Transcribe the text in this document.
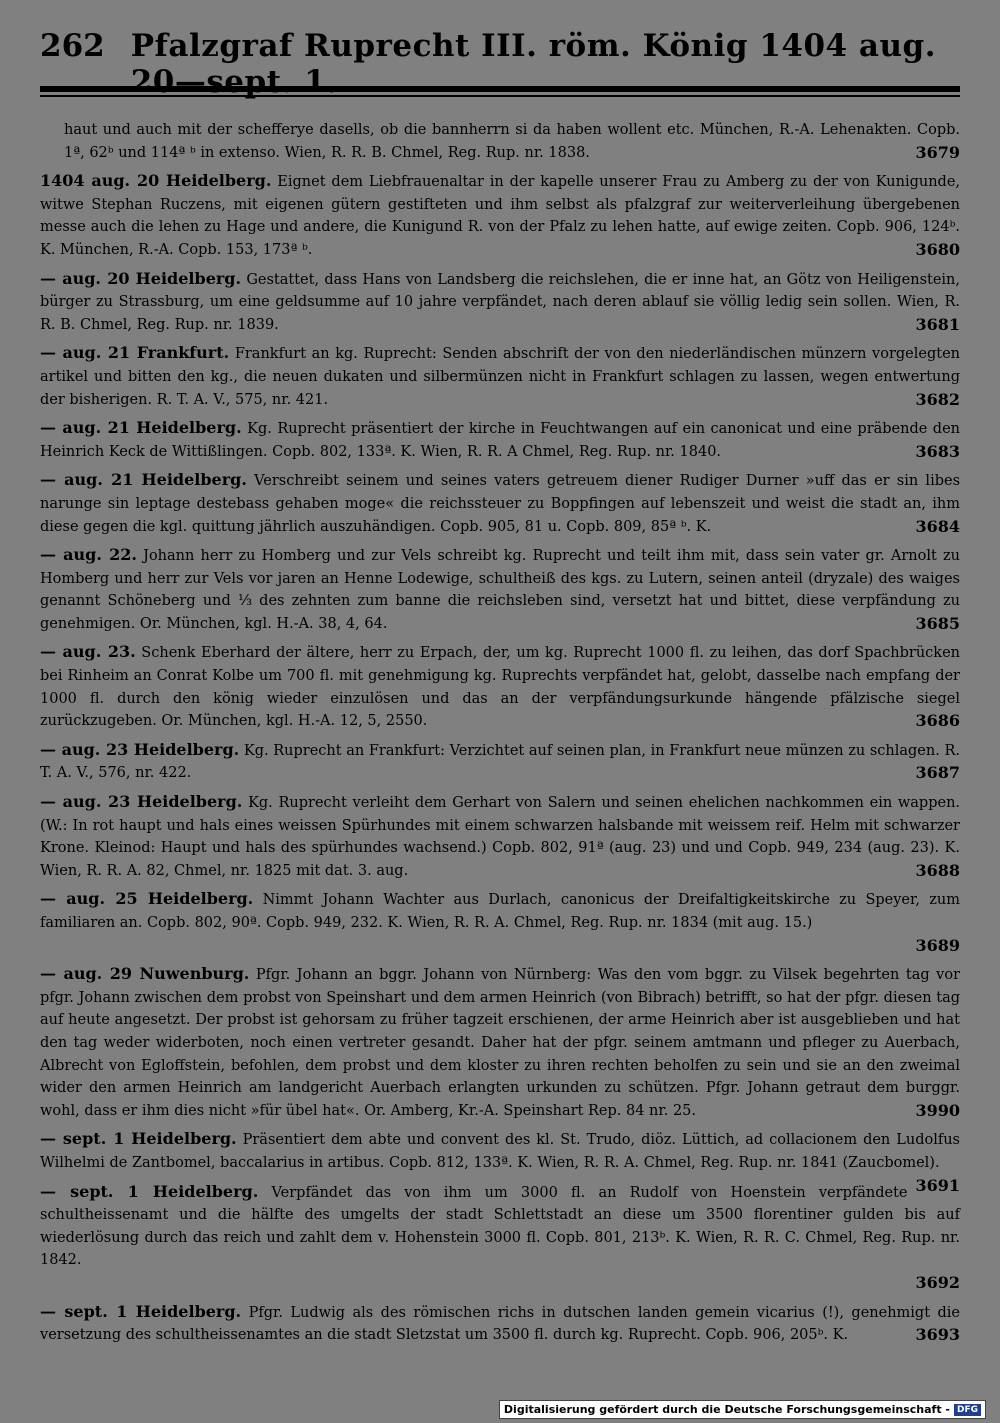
262 Pfalzgraf Ruprecht III. röm. König 1404 aug. 20—sept. 1.
haut und auch mit der schefferye dasells, ob die bannherrn si da haben wollent etc. München, R.-A. Lehenakten. Copb. 1ª, 62ᵇ und 114ª ᵇ in extenso. Wien, R. R. B. Chmel, Reg. Rup. nr. 1838.	3679
1404 aug. 20 Heidelberg. Eignet dem Liebfrauenaltar in der kapelle unserer Frau zu Amberg zu der von Kunigunde, witwe Stephan Ruczens, mit eigenen gütern gestifteten und ihm selbst als pfalzgraf zur weiterverleihung übergebenen messe auch die lehen zu Hage und andere, die Kunigund R. von der Pfalz zu lehen hatte, auf ewige zeiten. Copb. 906, 124ᵇ. K. München, R.-A. Copb. 153, 173ª ᵇ.	3680
— aug. 20 Heidelberg. Gestattet, dass Hans von Landsberg die reichslehen, die er inne hat, an Götz von Heiligenstein, bürger zu Strassburg, um eine geldsumme auf 10 jahre verpfändet, nach deren ablauf sie völlig ledig sein sollen. Wien, R. R. B. Chmel, Reg. Rup. nr. 1839.	3681
— aug. 21 Frankfurt. Frankfurt an kg. Ruprecht: Senden abschrift der von den niederländischen münzern vorgelegten artikel und bitten den kg., die neuen dukaten und silbermünzen nicht in Frankfurt schlagen zu lassen, wegen entwertung der bisherigen. R. T. A. V., 575, nr. 421.	3682
— aug. 21 Heidelberg. Kg. Ruprecht präsentiert der kirche in Feuchtwangen auf ein canonicat und eine präbende den Heinrich Keck de Wittißlingen. Copb. 802, 133ª. K. Wien, R. R. A Chmel, Reg. Rup. nr. 1840.	3683
— aug. 21 Heidelberg. Verschreibt seinem und seines vaters getreuem diener Rudiger Durner »uff das er sin libes narunge sin leptage destebass gehaben moge« die reichssteuer zu Boppfingen auf lebenszeit und weist die stadt an, ihm diese gegen die kgl. quittung jährlich auszuhändigen. Copb. 905, 81 u. Copb. 809, 85ª ᵇ. K.	3684
— aug. 22. Johann herr zu Homberg und zur Vels schreibt kg. Ruprecht und teilt ihm mit, dass sein vater gr. Arnolt zu Homberg und herr zur Vels vor jaren an Henne Lodewige, schultheiß des kgs. zu Lutern, seinen anteil (dryzale) des waiges genannt Schöneberg und ⅓ des zehnten zum banne die reichsleben sind, versetzt hat und bittet, diese verpfändung zu genehmigen. Or. München, kgl. H.-A. 38, 4, 64.	3685
— aug. 23. Schenk Eberhard der ältere, herr zu Erpach, der, um kg. Ruprecht 1000 fl. zu leihen, das dorf Spachbrücken bei Rinheim an Conrat Kolbe um 700 fl. mit genehmigung kg. Ruprechts verpfändet hat, gelobt, dasselbe nach empfang der 1000 fl. durch den könig wieder einzulösen und das an der verpfändungsurkunde hängende pfälzische siegel zurückzugeben. Or. München, kgl. H.-A. 12, 5, 2550.	3686
— aug. 23 Heidelberg. Kg. Ruprecht an Frankfurt: Verzichtet auf seinen plan, in Frankfurt neue münzen zu schlagen. R. T. A. V., 576, nr. 422.	3687
— aug. 23 Heidelberg. Kg. Ruprecht verleiht dem Gerhart von Salern und seinen ehelichen nachkommen ein wappen. (W.: In rot haupt und hals eines weissen Spürhundes mit einem schwarzen halsbande mit weissem reif. Helm mit schwarzer Krone. Kleinod: Haupt und hals des spürhundes wachsend.) Copb. 802, 91ª (aug. 23) und und Copb. 949, 234 (aug. 23). K. Wien, R. R. A. 82, Chmel, nr. 1825 mit dat. 3. aug.	3688
— aug. 25 Heidelberg. Nimmt Johann Wachter aus Durlach, canonicus der Dreifaltigkeitskirche zu Speyer, zum familiaren an. Copb. 802, 90ª. Copb. 949, 232. K. Wien, R. R. A. Chmel, Reg. Rup. nr. 1834 (mit aug. 15.)
3689
— aug. 29 Nuwenburg. Pfgr. Johann an bggr. Johann von Nürnberg: Was den vom bggr. zu Vilsek begehrten tag vor pfgr. Johann zwischen dem probst von Speinshart und dem armen Heinrich (von Bibrach) betrifft, so hat der pfgr. diesen tag auf heute angesetzt. Der probst ist gehorsam zu früher tagzeit erschienen, der arme Heinrich aber ist ausgeblieben und hat den tag weder widerboten, noch einen vertreter gesandt. Daher hat der pfgr. seinem amtmann und pfleger zu Auerbach, Albrecht von Egloffstein, befohlen, dem probst und dem kloster zu ihren rechten beholfen zu sein und sie an den zweimal wider den armen Heinrich am landgericht Auerbach erlangten urkunden zu schützen. Pfgr. Johann getraut dem burggr. wohl, dass er ihm dies nicht »für übel hat«. Or. Amberg, Kr.-A. Speinshart Rep. 84 nr. 25.	3990
— sept. 1 Heidelberg. Präsentiert dem abte und convent des kl. St. Trudo, diöz. Lüttich, ad collacionem den Ludolfus Wilhelmi de Zantbomel, baccalarius in artibus. Copb. 812, 133ª. K. Wien, R. R. A. Chmel, Reg. Rup. nr. 1841 (Zaucbomel).
3691
— sept. 1 Heidelberg. Verpfändet das von ihm um 3000 fl. an Rudolf von Hoenstein verpfändete schultheissenamt und die hälfte des umgelts der stadt Schlettstadt an diese um 3500 florentiner gulden bis auf wiederlösung durch das reich und zahlt dem v. Hohenstein 3000 fl. Copb. 801, 213ᵇ. K. Wien, R. R. C. Chmel, Reg. Rup. nr. 1842.
3692
— sept. 1 Heidelberg. Pfgr. Ludwig als des römischen richs in dutschen landen gemein vicarius (!), genehmigt die versetzung des schultheissenamtes an die stadt Sletzstat um 3500 fl. durch kg. Ruprecht. Copb. 906, 205ᵇ. K.	3693
Digitalisierung gefördert durch die Deutsche Forschungsgemeinschaft - DFG
